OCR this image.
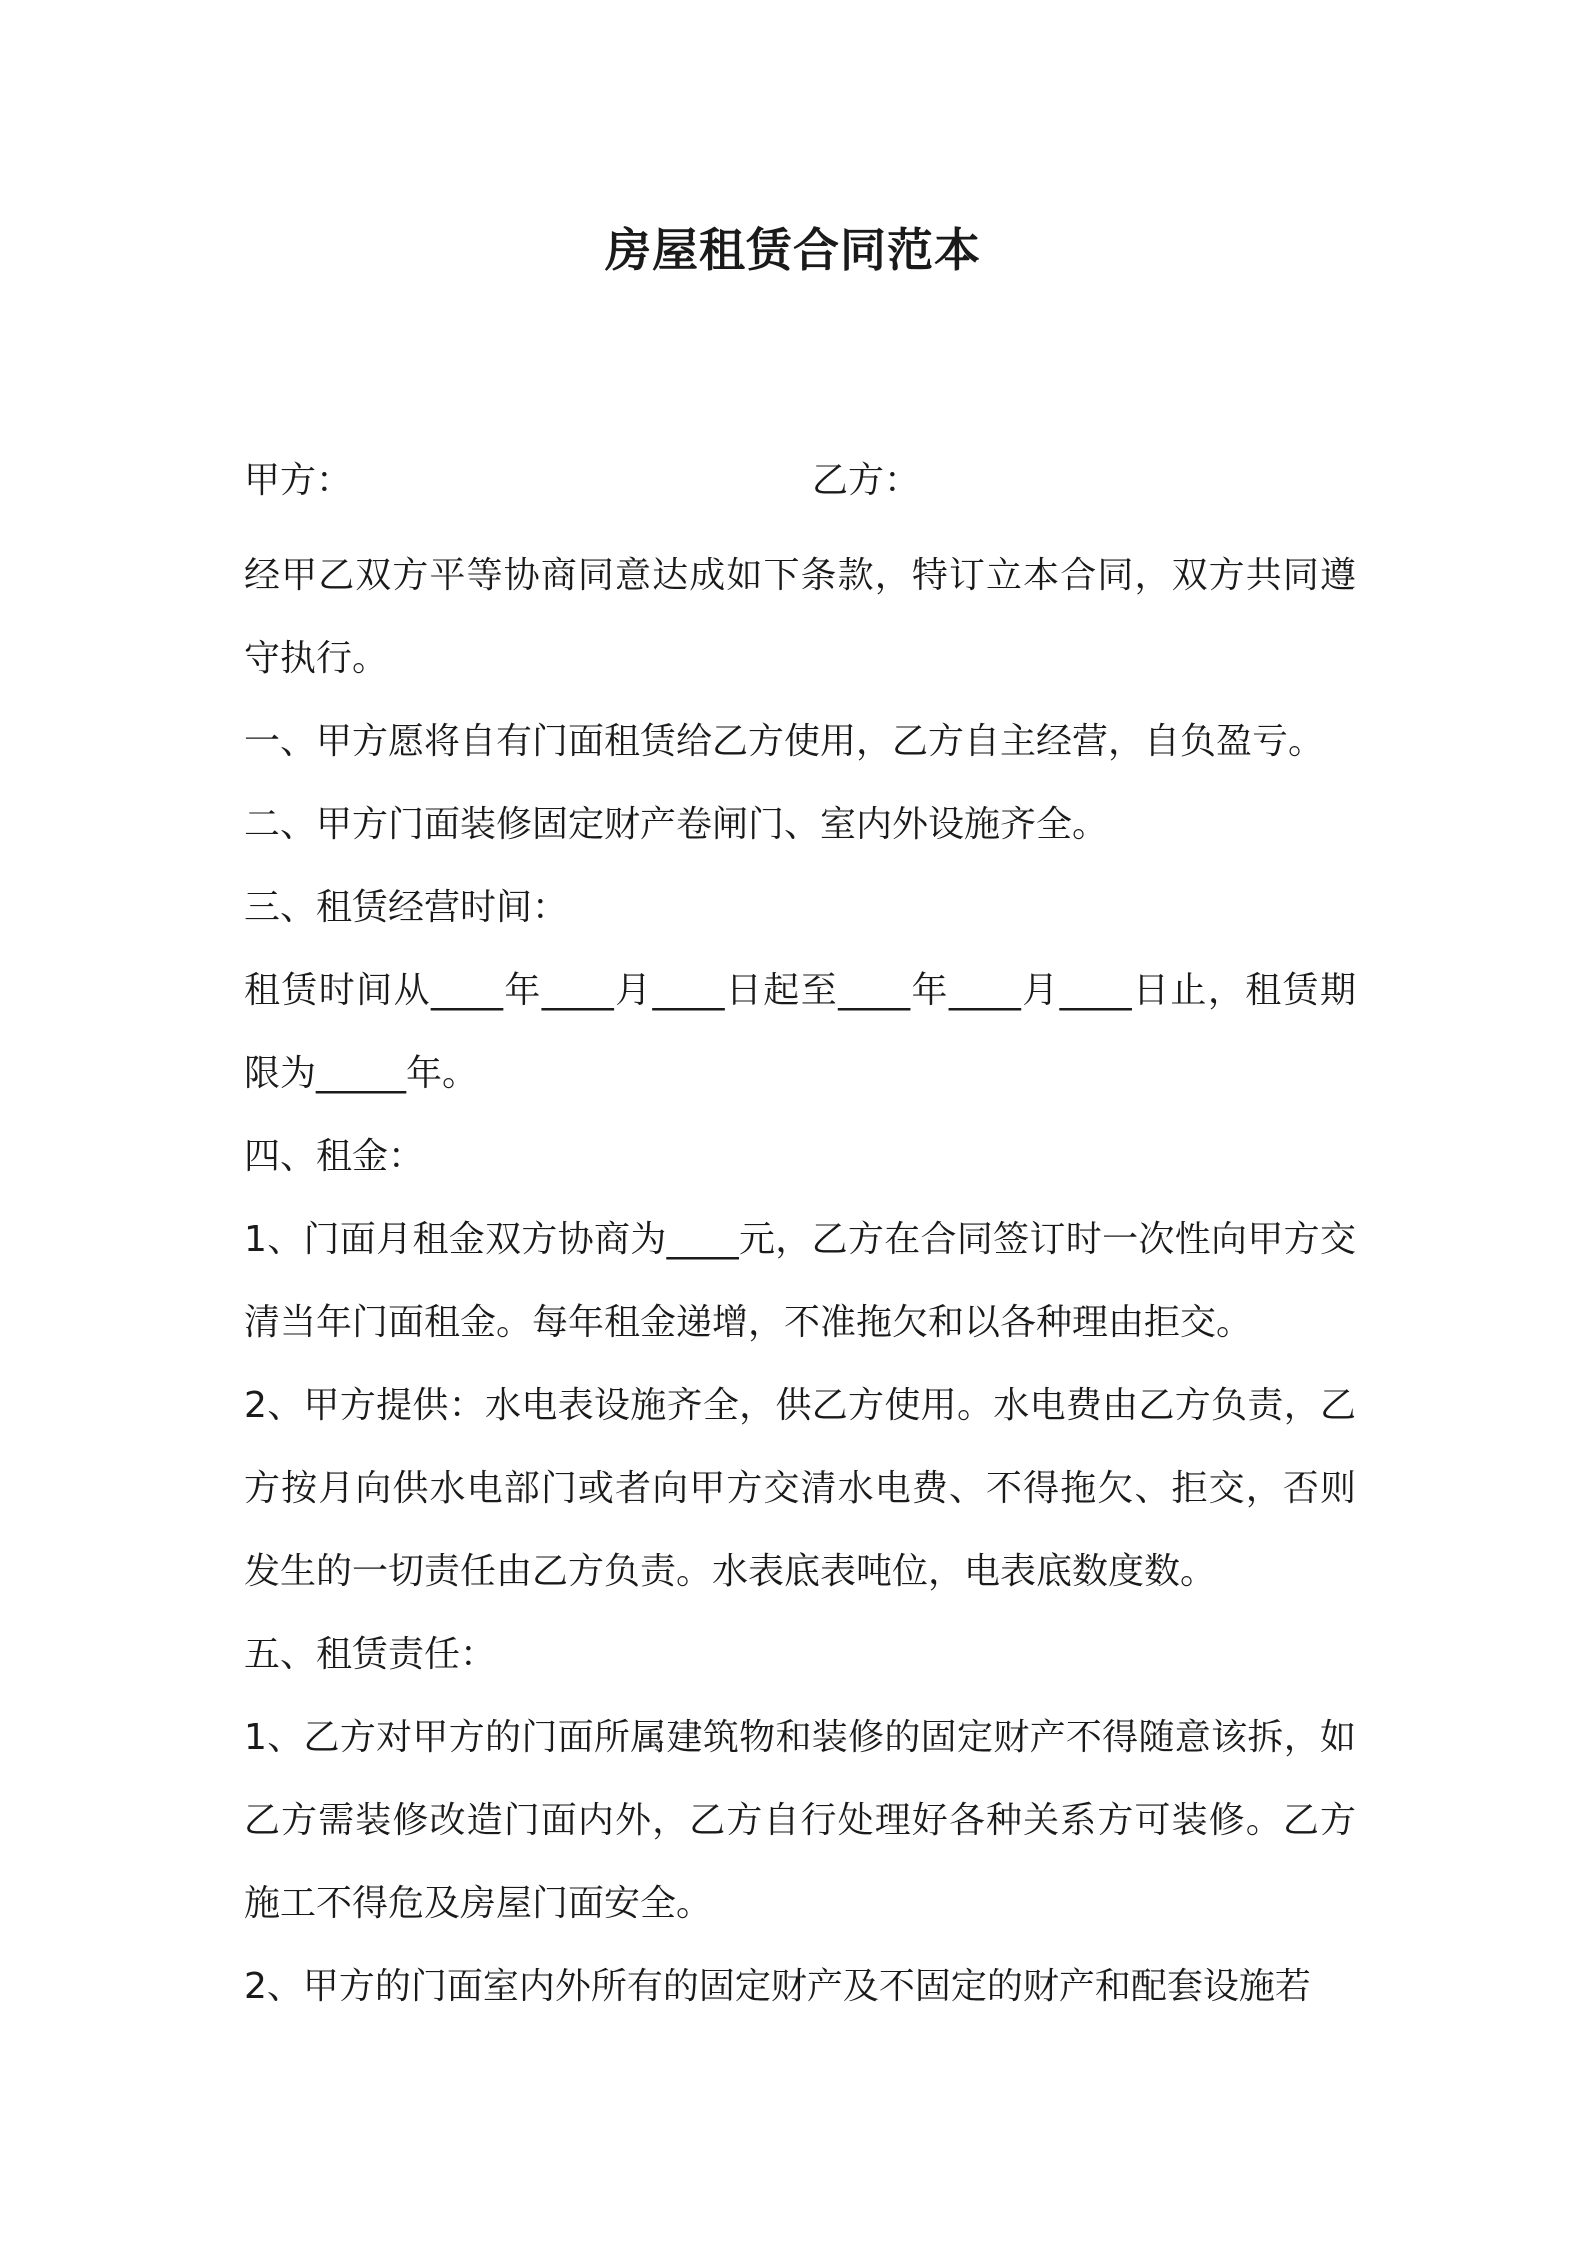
房屋租赁合同范本
甲方：	乙方：

经甲乙双方平等协商同意达成如下条款，特订立本合同，双方共同遵守执行。

一、甲方愿将自有门面租赁给乙方使用，乙方自主经营，自负盈亏。

二、甲方门面装修固定财产卷闸门、室内外设施齐全。

三、租赁经营时间：

租赁时间从____年____月____日起至____年____月____日止，租赁期限为_____年。

四、租金：

1、门面月租金双方协商为____元，乙方在合同签订时一次性向甲方交清当年门面租金。每年租金递增，不准拖欠和以各种理由拒交。

2、甲方提供：水电表设施齐全，供乙方使用。水电费由乙方负责，乙方按月向供水电部门或者向甲方交清水电费、不得拖欠、拒交，否则发生的一切责任由乙方负责。水表底表吨位，电表底数度数。

五、租赁责任：

1、乙方对甲方的门面所属建筑物和装修的固定财产不得随意该拆，如乙方需装修改造门面内外，乙方自行处理好各种关系方可装修。乙方施工不得危及房屋门面安全。

2、甲方的门面室内外所有的固定财产及不固定的财产和配套设施若
